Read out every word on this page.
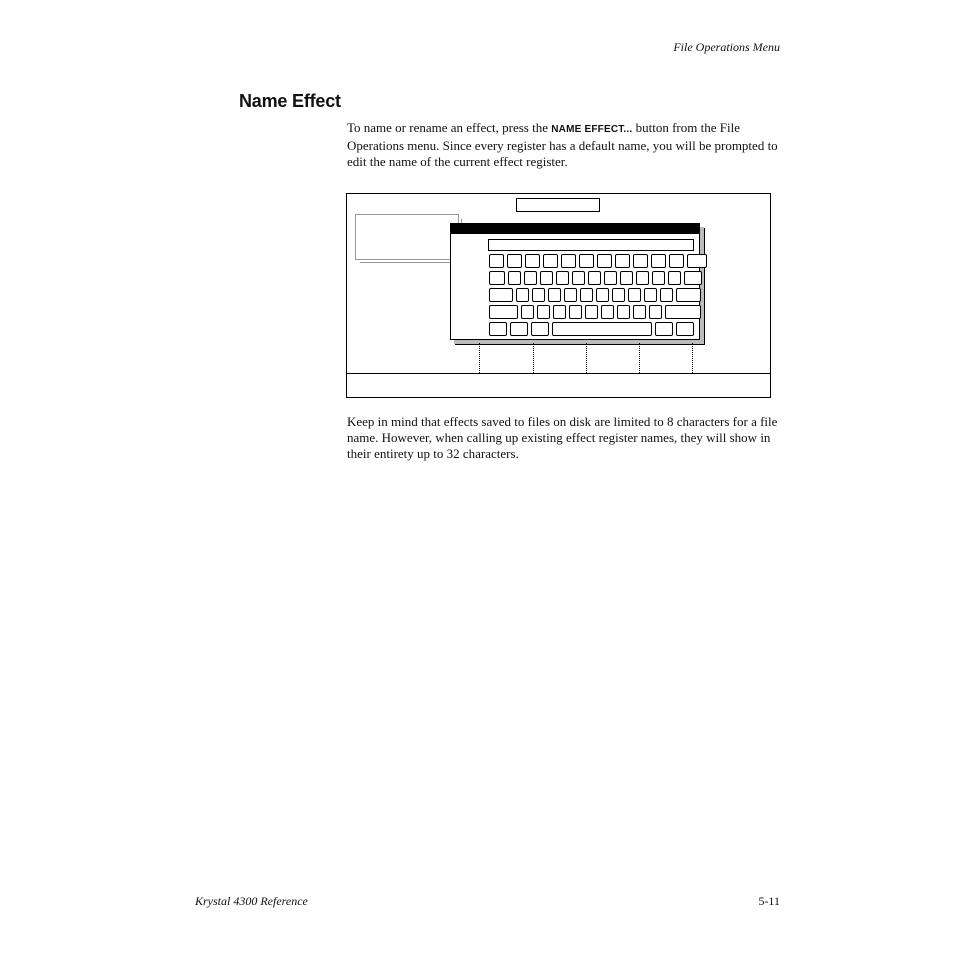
File Operations Menu
Name Effect

To name or rename an effect, press the NAME EFFECT... button from the File Operations menu. Since every register has a default name, you will be prompted to edit the name of the current effect register.

Keep in mind that effects saved to files on disk are limited to 8 characters for a file name. However, when calling up existing effect register names, they will show in their entirety up to 32 characters.

Krystal 4300 Reference	5-11
